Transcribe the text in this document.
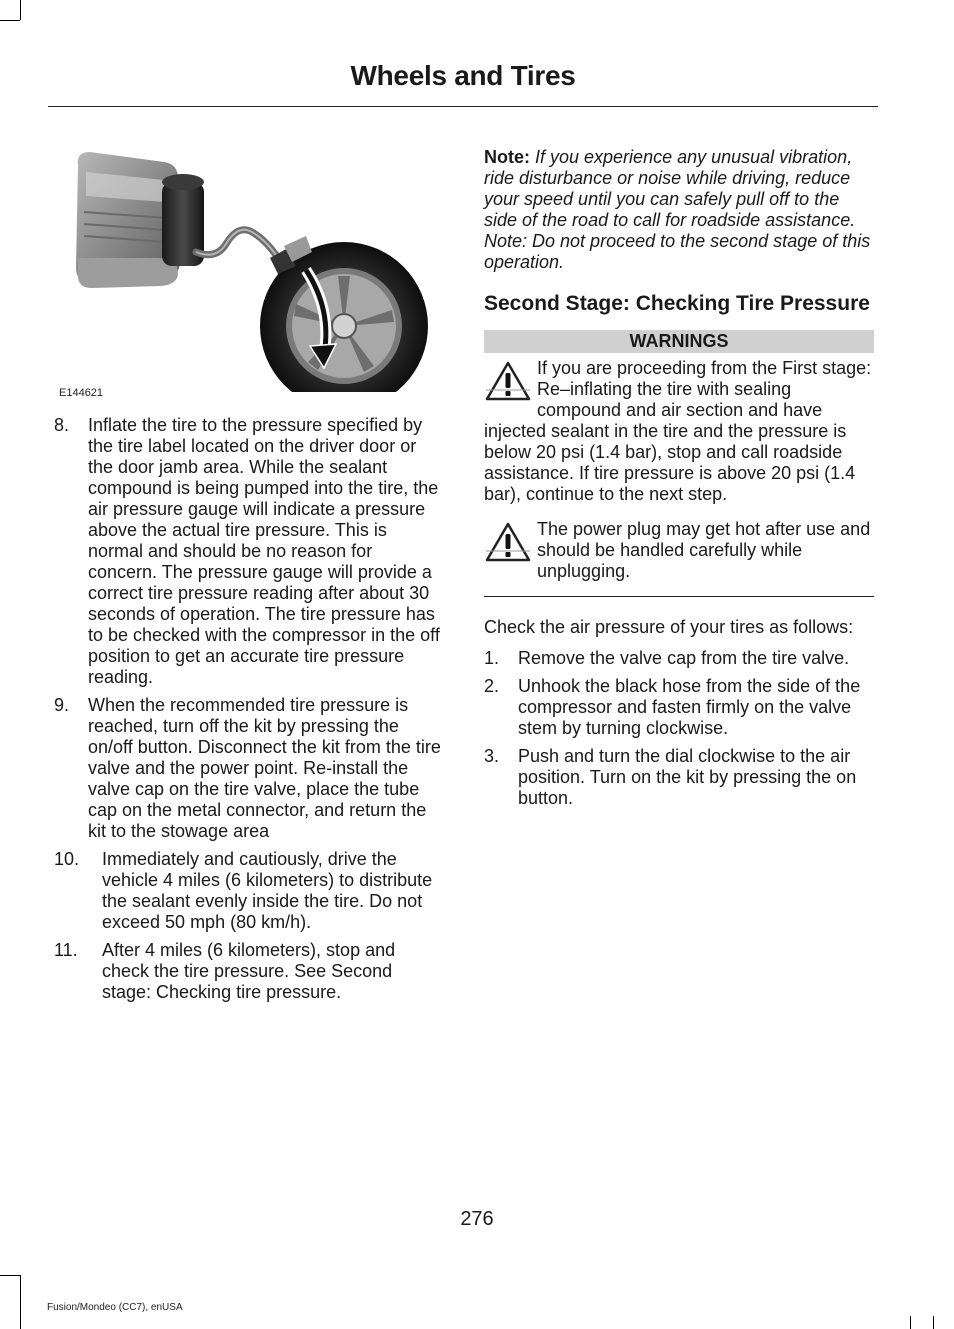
Wheels and Tires
E144621
8.	Inflate the tire to the pressure specified by the tire label located on the driver door or the door jamb area. While the sealant compound is being pumped into the tire, the air pressure gauge will indicate a pressure above the actual tire pressure. This is normal and should be no reason for concern. The pressure gauge will provide a correct tire pressure reading after about 30 seconds of operation. The tire pressure has to be checked with the compressor in the off position to get an accurate tire pressure reading.
9.	When the recommended tire pressure is reached, turn off the kit by pressing the on/off button. Disconnect the kit from the tire valve and the power point. Re-install the valve cap on the tire valve, place the tube cap on the metal connector, and return the kit to the stowage area
10.	Immediately and cautiously, drive the vehicle 4 miles (6 kilometers) to distribute the sealant evenly inside the tire. Do not exceed 50 mph (80 km/h).
11.	After 4 miles (6 kilometers), stop and check the tire pressure. See Second stage: Checking tire pressure.
Note: If you experience any unusual vibration, ride disturbance or noise while driving, reduce your speed until you can safely pull off to the side of the road to call for roadside assistance. Note: Do not proceed to the second stage of this operation.
Second Stage: Checking Tire Pressure
WARNINGS
If you are proceeding from the First stage: Re–inflating the tire with sealing compound and air section and have injected sealant in the tire and the pressure is below 20 psi (1.4 bar), stop and call roadside assistance. If tire pressure is above 20 psi (1.4 bar), continue to the next step.
The power plug may get hot after use and should be handled carefully while unplugging.
Check the air pressure of your tires as follows:
1.	Remove the valve cap from the tire valve.
2.	Unhook the black hose from the side of the compressor and fasten firmly on the valve stem by turning clockwise.
3.	Push and turn the dial clockwise to the air position. Turn on the kit by pressing the on button.
276
Fusion/Mondeo (CC7), enUSA
